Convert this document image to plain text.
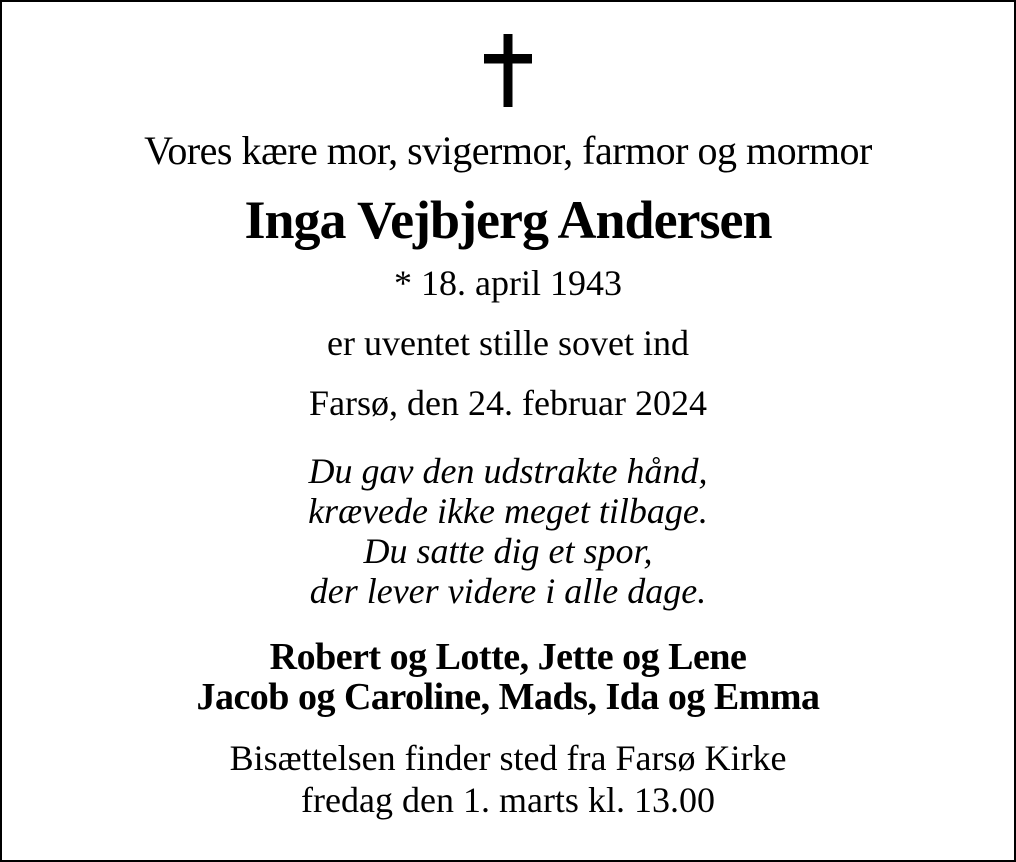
Vores kære mor, svigermor, farmor og mormor

Inga Vejbjerg Andersen

* 18. april 1943

er uventet stille sovet ind

Farsø, den 24. februar 2024

Du gav den udstrakte hånd,
krævede ikke meget tilbage.
Du satte dig et spor,
der lever videre i alle dage.
Robert og Lotte, Jette og Lene
Jacob og Caroline, Mads, Ida og Emma
Bisættelsen finder sted fra Farsø Kirke
fredag den 1. marts kl. 13.00
